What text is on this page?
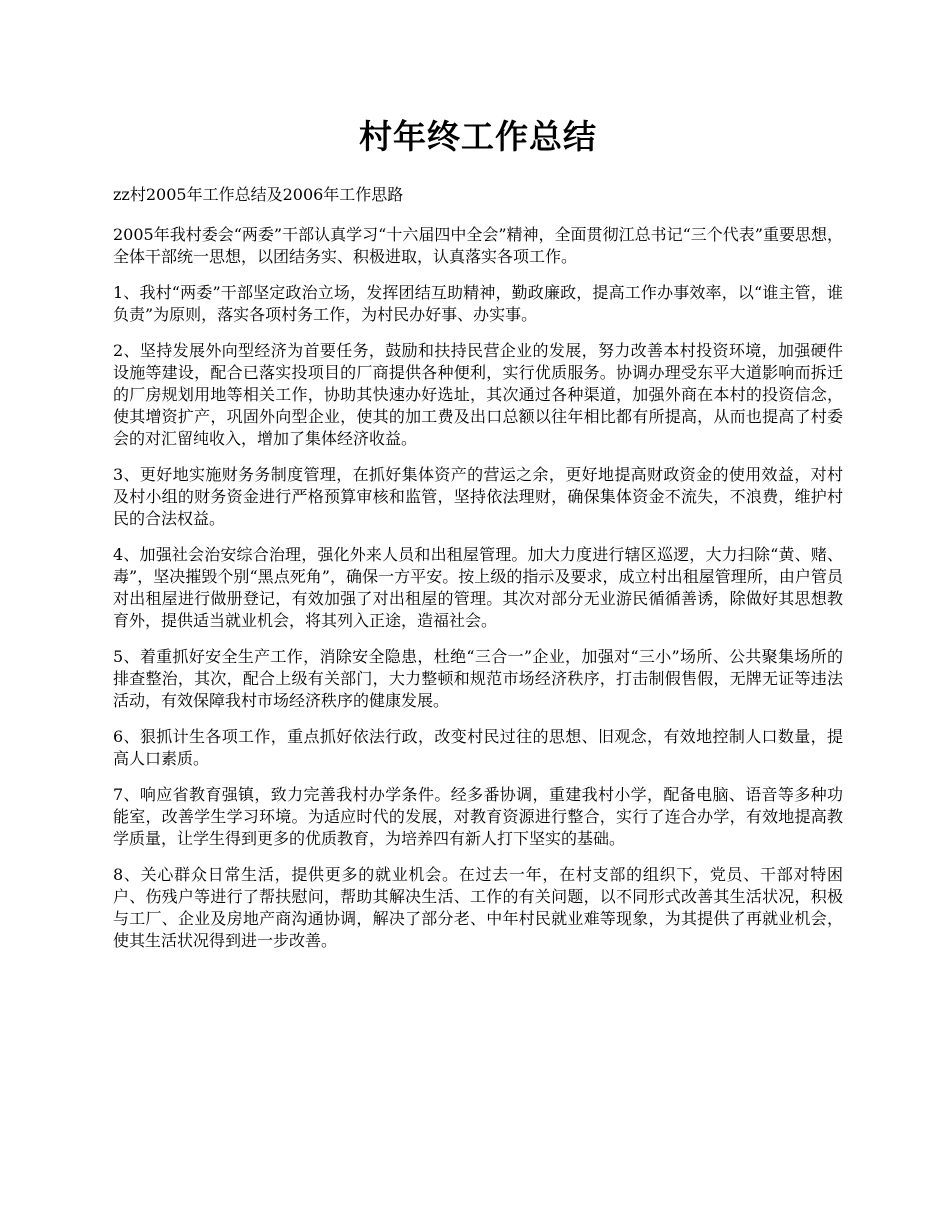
村年终工作总结

zz村2005年工作总结及2006年工作思路

2005年我村委会“两委”干部认真学习“十六届四中全会”精神，全面贯彻江总书记“三个代表”重要思想，全体干部统一思想，以团结务实、积极进取，认真落实各项工作。

1、我村“两委”干部坚定政治立场，发挥团结互助精神，勤政廉政，提高工作办事效率，以“谁主管，谁负责”为原则，落实各项村务工作，为村民办好事、办实事。

2、坚持发展外向型经济为首要任务，鼓励和扶持民营企业的发展，努力改善本村投资环境，加强硬件设施等建设，配合已落实投项目的厂商提供各种便利，实行优质服务。协调办理受东平大道影响而拆迁的厂房规划用地等相关工作，协助其快速办好选址，其次通过各种渠道，加强外商在本村的投资信念，使其增资扩产，巩固外向型企业，使其的加工费及出口总额以往年相比都有所提高，从而也提高了村委会的对汇留纯收入，增加了集体经济收益。

3、更好地实施财务务制度管理，在抓好集体资产的营运之余，更好地提高财政资金的使用效益，对村及村小组的财务资金进行严格预算审核和监管，坚持依法理财，确保集体资金不流失，不浪费，维护村民的合法权益。

4、加强社会治安综合治理，强化外来人员和出租屋管理。加大力度进行辖区巡逻，大力扫除“黄、赌、毒”，坚决摧毁个别“黑点死角”，确保一方平安。按上级的指示及要求，成立村出租屋管理所，由户管员对出租屋进行做册登记，有效加强了对出租屋的管理。其次对部分无业游民循循善诱，除做好其思想教育外，提供适当就业机会，将其列入正途，造福社会。

5、着重抓好安全生产工作，消除安全隐患，杜绝“三合一”企业，加强对“三小”场所、公共聚集场所的排查整治，其次，配合上级有关部门，大力整顿和规范市场经济秩序，打击制假售假，无牌无证等违法活动，有效保障我村市场经济秩序的健康发展。

6、狠抓计生各项工作，重点抓好依法行政，改变村民过往的思想、旧观念，有效地控制人口数量，提高人口素质。

7、响应省教育强镇，致力完善我村办学条件。经多番协调，重建我村小学，配备电脑、语音等多种功能室，改善学生学习环境。为适应时代的发展，对教育资源进行整合，实行了连合办学，有效地提高教学质量，让学生得到更多的优质教育，为培养四有新人打下坚实的基础。

8、关心群众日常生活，提供更多的就业机会。在过去一年，在村支部的组织下，党员、干部对特困户、伤残户等进行了帮扶慰问，帮助其解决生活、工作的有关问题，以不同形式改善其生活状况，积极与工厂、企业及房地产商沟通协调，解决了部分老、中年村民就业难等现象，为其提供了再就业机会，使其生活状况得到进一步改善。
